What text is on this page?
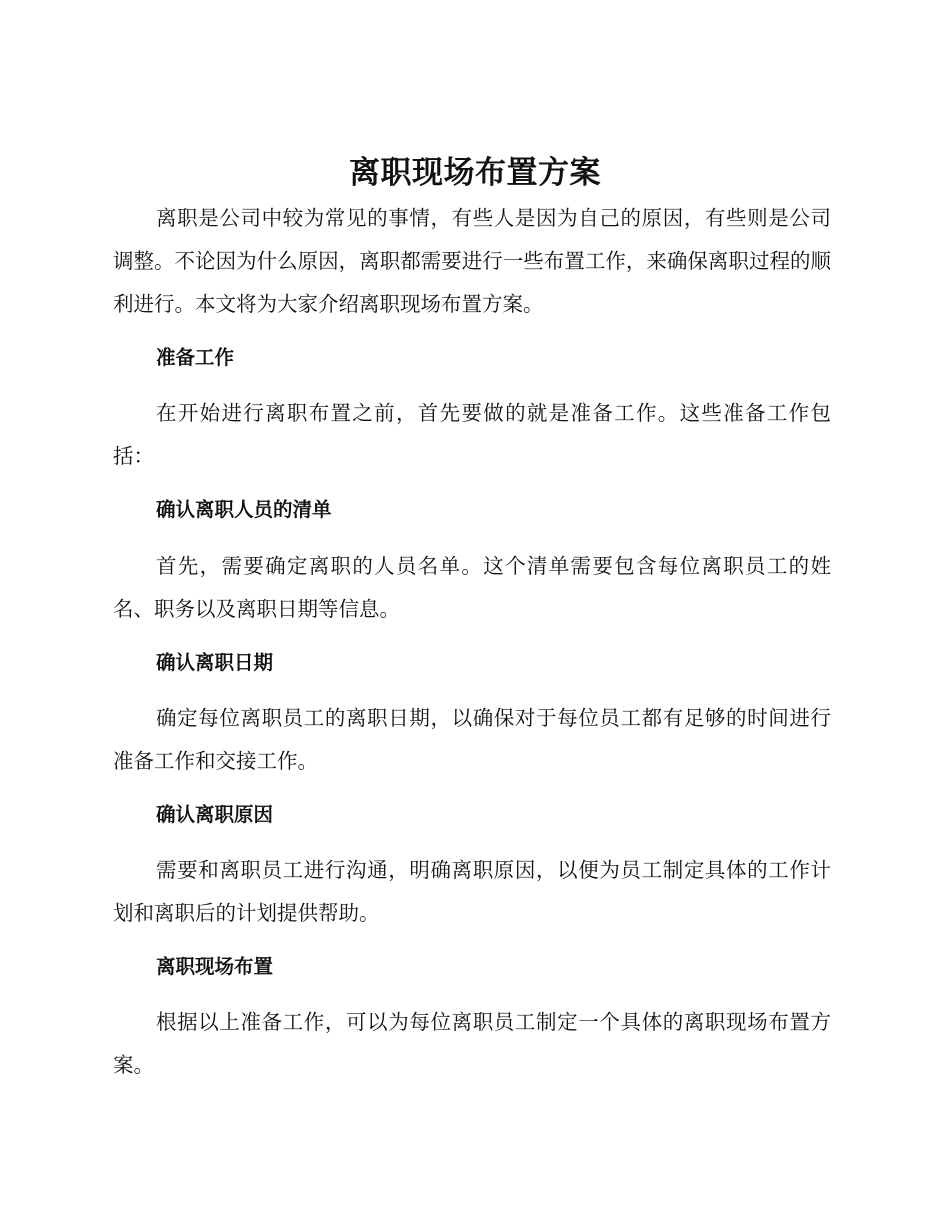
离职现场布置方案

离职是公司中较为常见的事情，有些人是因为自己的原因，有些则是公司调整。不论因为什么原因，离职都需要进行一些布置工作，来确保离职过程的顺利进行。本文将为大家介绍离职现场布置方案。

准备工作

在开始进行离职布置之前，首先要做的就是准备工作。这些准备工作包括：

确认离职人员的清单

首先，需要确定离职的人员名单。这个清单需要包含每位离职员工的姓名、职务以及离职日期等信息。

确认离职日期

确定每位离职员工的离职日期，以确保对于每位员工都有足够的时间进行准备工作和交接工作。

确认离职原因

需要和离职员工进行沟通，明确离职原因，以便为员工制定具体的工作计划和离职后的计划提供帮助。

离职现场布置

根据以上准备工作，可以为每位离职员工制定一个具体的离职现场布置方案。
